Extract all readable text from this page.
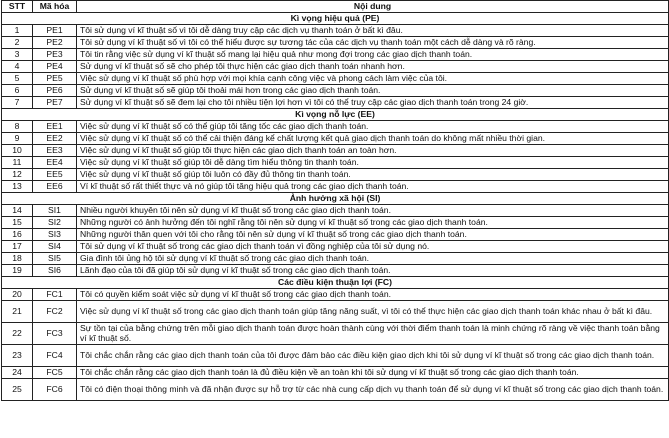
STT	Mã hóa	Nội dung
Kì vọng hiệu quả (PE)		
1	PE1	Tôi sử dụng ví kĩ thuật số vì tôi dễ dàng truy cập các dịch vụ thanh toán ở bất kì đâu.
2	PE2	Tôi sử dụng ví kĩ thuật số vì tôi có thể hiểu được sự tương tác của các dịch vụ thanh toán một cách dễ dàng và rõ ràng.
3	PE3	Tôi tin rằng việc sử dụng ví kĩ thuật số mang lại hiệu quả như mong đợi trong các giao dịch thanh toán.
4	PE4	Sử dụng ví kĩ thuật số sẽ cho phép tôi thực hiện các giao dịch thanh toán nhanh hơn.
5	PE5	Việc sử dụng ví kĩ thuật số phù hợp với mọi khía cạnh công việc và phong cách làm việc của tôi.
6	PE6	Sử dụng ví kĩ thuật số sẽ giúp tôi thoải mái hơn trong các giao dịch thanh toán.
7	PE7	Sử dụng ví kĩ thuật số sẽ đem lại cho tôi nhiều tiện lợi hơn vì tôi có thể truy cập các giao dịch thanh toán trong 24 giờ.
Kì vọng nỗ lực (EE)		
8	EE1	Việc sử dụng ví kĩ thuật số có thể giúp tôi tăng tốc các giao dịch thanh toán.
9	EE2	Việc sử dụng ví kĩ thuật số có thể cải thiện đáng kể chất lượng kết quả giao dịch thanh toán do không mất nhiều thời gian.
10	EE3	Việc sử dụng ví kĩ thuật số giúp tôi thực hiện các giao dịch thanh toán an toàn hơn.
11	EE4	Việc sử dụng ví kĩ thuật số giúp tôi dễ dàng tìm hiểu thông tin thanh toán.
12	EE5	Việc sử dụng ví kĩ thuật số giúp tôi luôn có đầy đủ thông tin thanh toán.
13	EE6	Ví kĩ thuật số rất thiết thực và nó giúp tôi tăng hiệu quả trong các giao dịch thanh toán.
Ảnh hưởng xã hội (SI)		
14	SI1	Nhiều người khuyên tôi nên sử dụng ví kĩ thuật số trong các giao dịch thanh toán.
15	SI2	Những người có ảnh hưởng đến tôi nghĩ rằng tôi nên sử dụng ví kĩ thuật số trong các giao dịch thanh toán.
16	SI3	Những người thân quen với tôi cho rằng tôi nên sử dụng ví kĩ thuật số trong các giao dịch thanh toán.
17	SI4	Tôi sử dụng ví kĩ thuật số trong các giao dịch thanh toán vì đồng nghiệp của tôi sử dụng nó.
18	SI5	Gia đình tôi ủng hộ tôi sử dụng ví kĩ thuật số trong các giao dịch thanh toán.
19	SI6	Lãnh đạo của tôi đã giúp tôi sử dụng ví kĩ thuật số trong các giao dịch thanh toán.
Các điều kiện thuận lợi (FC)		
20	FC1	Tôi có quyền kiểm soát việc sử dụng ví kĩ thuật số trong các giao dịch thanh toán.
21	FC2	Việc sử dụng ví kĩ thuật số trong các giao dịch thanh toán giúp tăng năng suất, vì tôi có thể thực hiện các giao dịch thanh toán khác nhau ở bất kì đâu.
22	FC3	Sự tồn tại của bằng chứng trên mỗi giao dịch thanh toán được hoàn thành cùng với thời điểm thanh toán là minh chứng rõ ràng về việc thanh toán bằng ví kĩ thuật số.
23	FC4	Tôi chắc chắn rằng các giao dịch thanh toán của tôi được đảm bảo các điều kiện giao dịch khi tôi sử dụng ví kĩ thuật số trong các giao dịch thanh toán.
24	FC5	Tôi chắc chắn rằng các giao dịch thanh toán là đủ điều kiện về an toàn khi tôi sử dụng ví kĩ thuật số trong các giao dịch thanh toán.
25	FC6	Tôi có điện thoại thông minh và đã nhận được sự hỗ trợ từ các nhà cung cấp dịch vụ thanh toán để sử dụng ví kĩ thuật số trong các giao dịch thanh toán.
